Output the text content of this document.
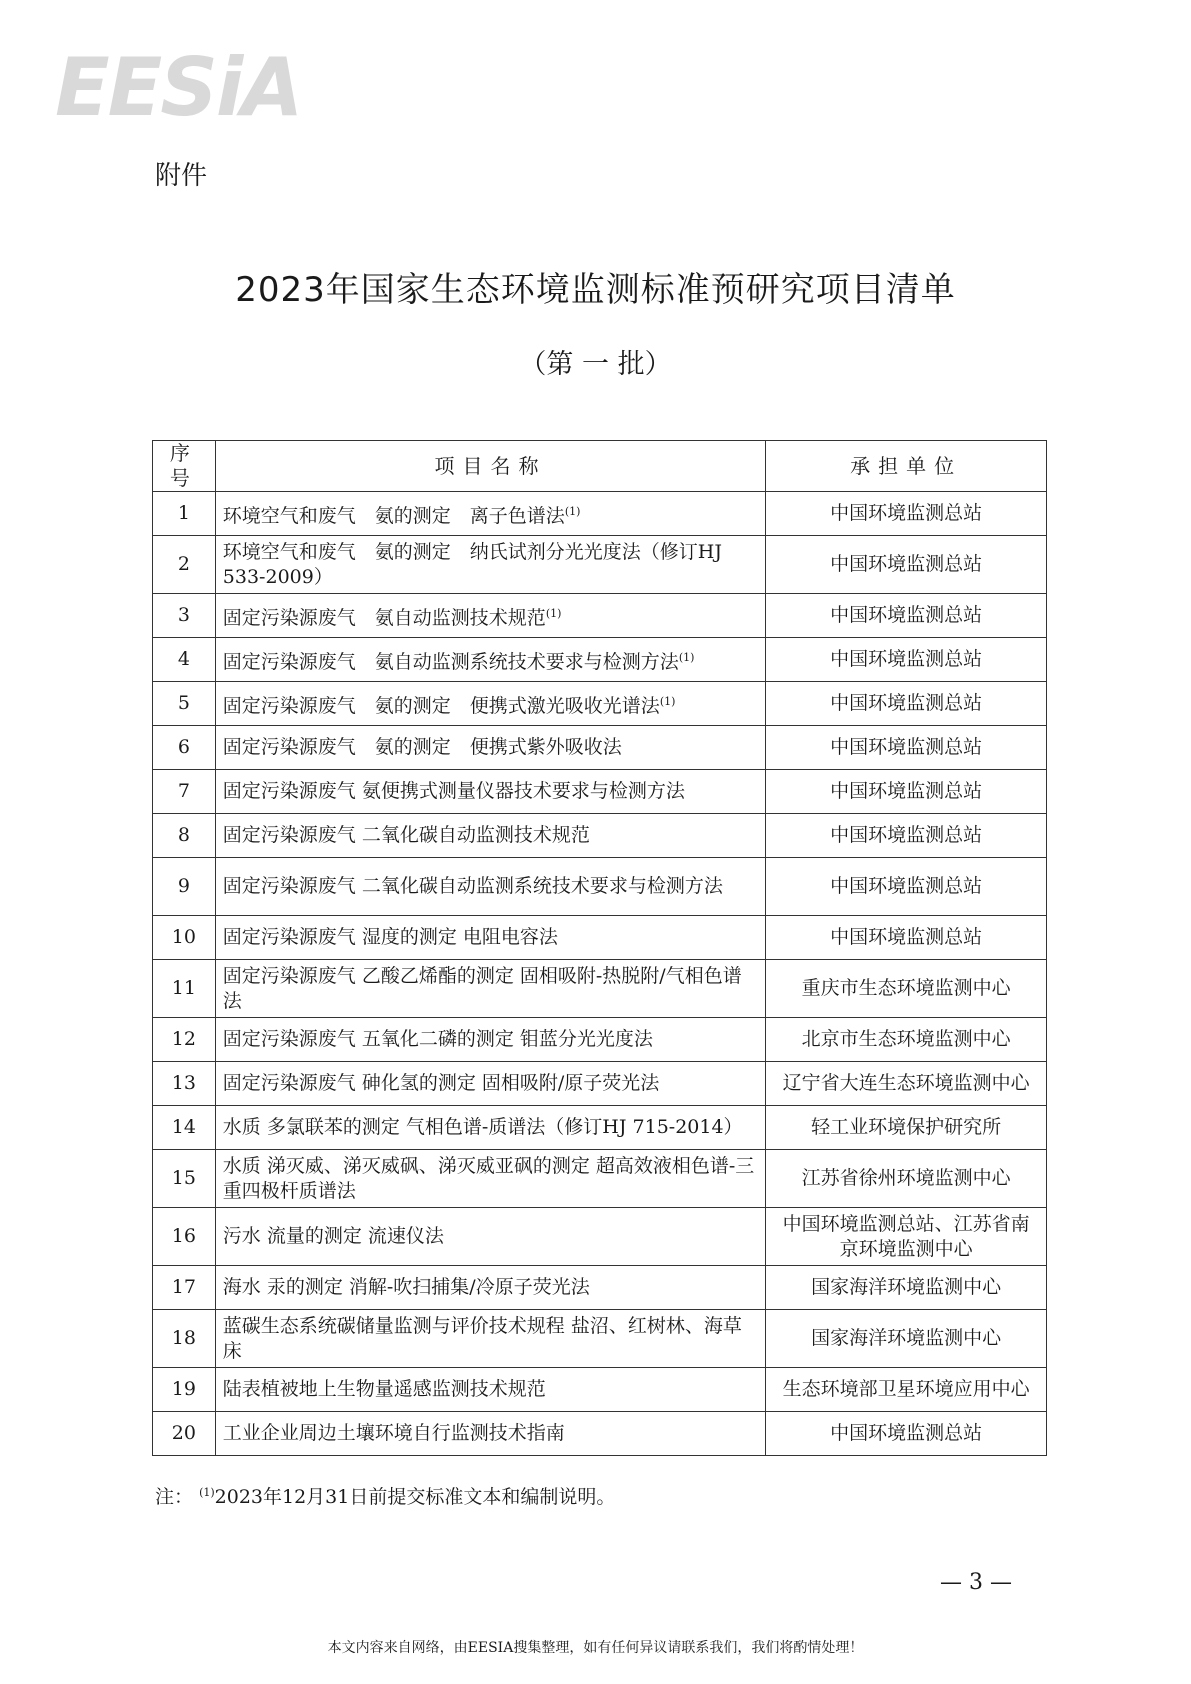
EESiA
附件
2023年国家生态环境监测标准预研究项目清单
（第 一 批）
序号	项目名称	承担单位
1	环境空气和废气　氨的测定　离子色谱法$^{(1)}$	中国环境监测总站
2	环境空气和废气　氨的测定　纳氏试剂分光光度法（修订HJ　533-2009）	中国环境监测总站
3	固定污染源废气　氨自动监测技术规范$^{(1)}$	中国环境监测总站
4	固定污染源废气　氨自动监测系统技术要求与检测方法$^{(1)}$	中国环境监测总站
5	固定污染源废气　氨的测定　便携式激光吸收光谱法$^{(1)}$	中国环境监测总站
6	固定污染源废气　氨的测定　便携式紫外吸收法	中国环境监测总站
7	固定污染源废气 氨便携式测量仪器技术要求与检测方法	中国环境监测总站
8	固定污染源废气 二氧化碳自动监测技术规范	中国环境监测总站
9	固定污染源废气 二氧化碳自动监测系统技术要求与检测方法	中国环境监测总站
10	固定污染源废气 湿度的测定 电阻电容法	中国环境监测总站
11	固定污染源废气 乙酸乙烯酯的测定 固相吸附-热脱附/气相色谱法	重庆市生态环境监测中心
12	固定污染源废气 五氧化二磷的测定 钼蓝分光光度法	北京市生态环境监测中心
13	固定污染源废气 砷化氢的测定 固相吸附/原子荧光法	辽宁省大连生态环境监测中心
14	水质 多氯联苯的测定 气相色谱-质谱法（修订HJ 715-2014）	轻工业环境保护研究所
15	水质 涕灭威、涕灭威砜、涕灭威亚砜的测定 超高效液相色谱-三重四极杆质谱法	江苏省徐州环境监测中心
16	污水 流量的测定 流速仪法	中国环境监测总站、江苏省南京环境监测中心
17	海水 汞的测定 消解-吹扫捕集/冷原子荧光法	国家海洋环境监测中心
18	蓝碳生态系统碳储量监测与评价技术规程 盐沼、红树林、海草床	国家海洋环境监测中心
19	陆表植被地上生物量遥感监测技术规范	生态环境部卫星环境应用中心
20	工业企业周边土壤环境自行监测技术指南	中国环境监测总站
注： $^{(1)}$2023年12月31日前提交标准文本和编制说明。
— 3 —
本文内容来自网络，由EESIA搜集整理，如有任何异议请联系我们，我们将酌情处理！
